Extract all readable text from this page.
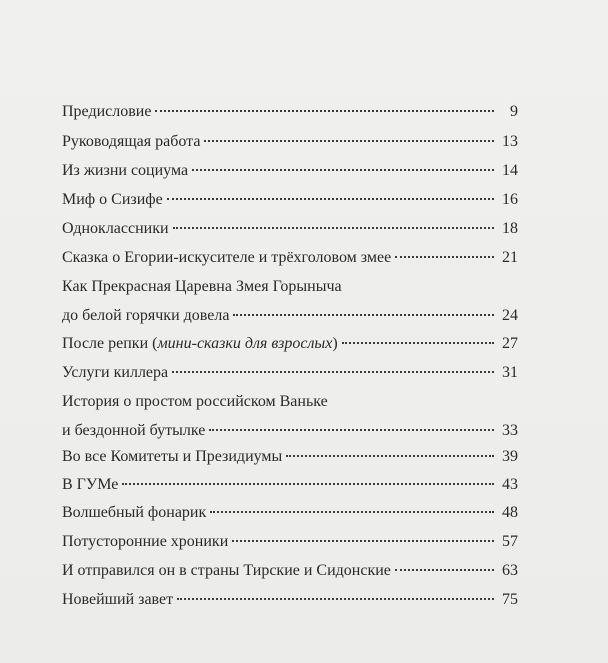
Предисловие	9
Руководящая работа	13
Из жизни социума	14
Миф о Сизифе	16
Одноклассники	18
Сказка о Егории-искусителе и трёхголовом змее	21
Как Прекрасная Царевна Змея Горыныча
до белой горячки довела	24
После репки (мини-сказки для взрослых)	27
Услуги киллера	31
История о простом российском Ваньке
и бездонной бутылке	33
Во все Комитеты и Президиумы	39
В ГУМе	43
Волшебный фонарик	48
Потусторонние хроники	57
И отправился он в страны Тирские и Сидонские	63
Новейший завет	75
